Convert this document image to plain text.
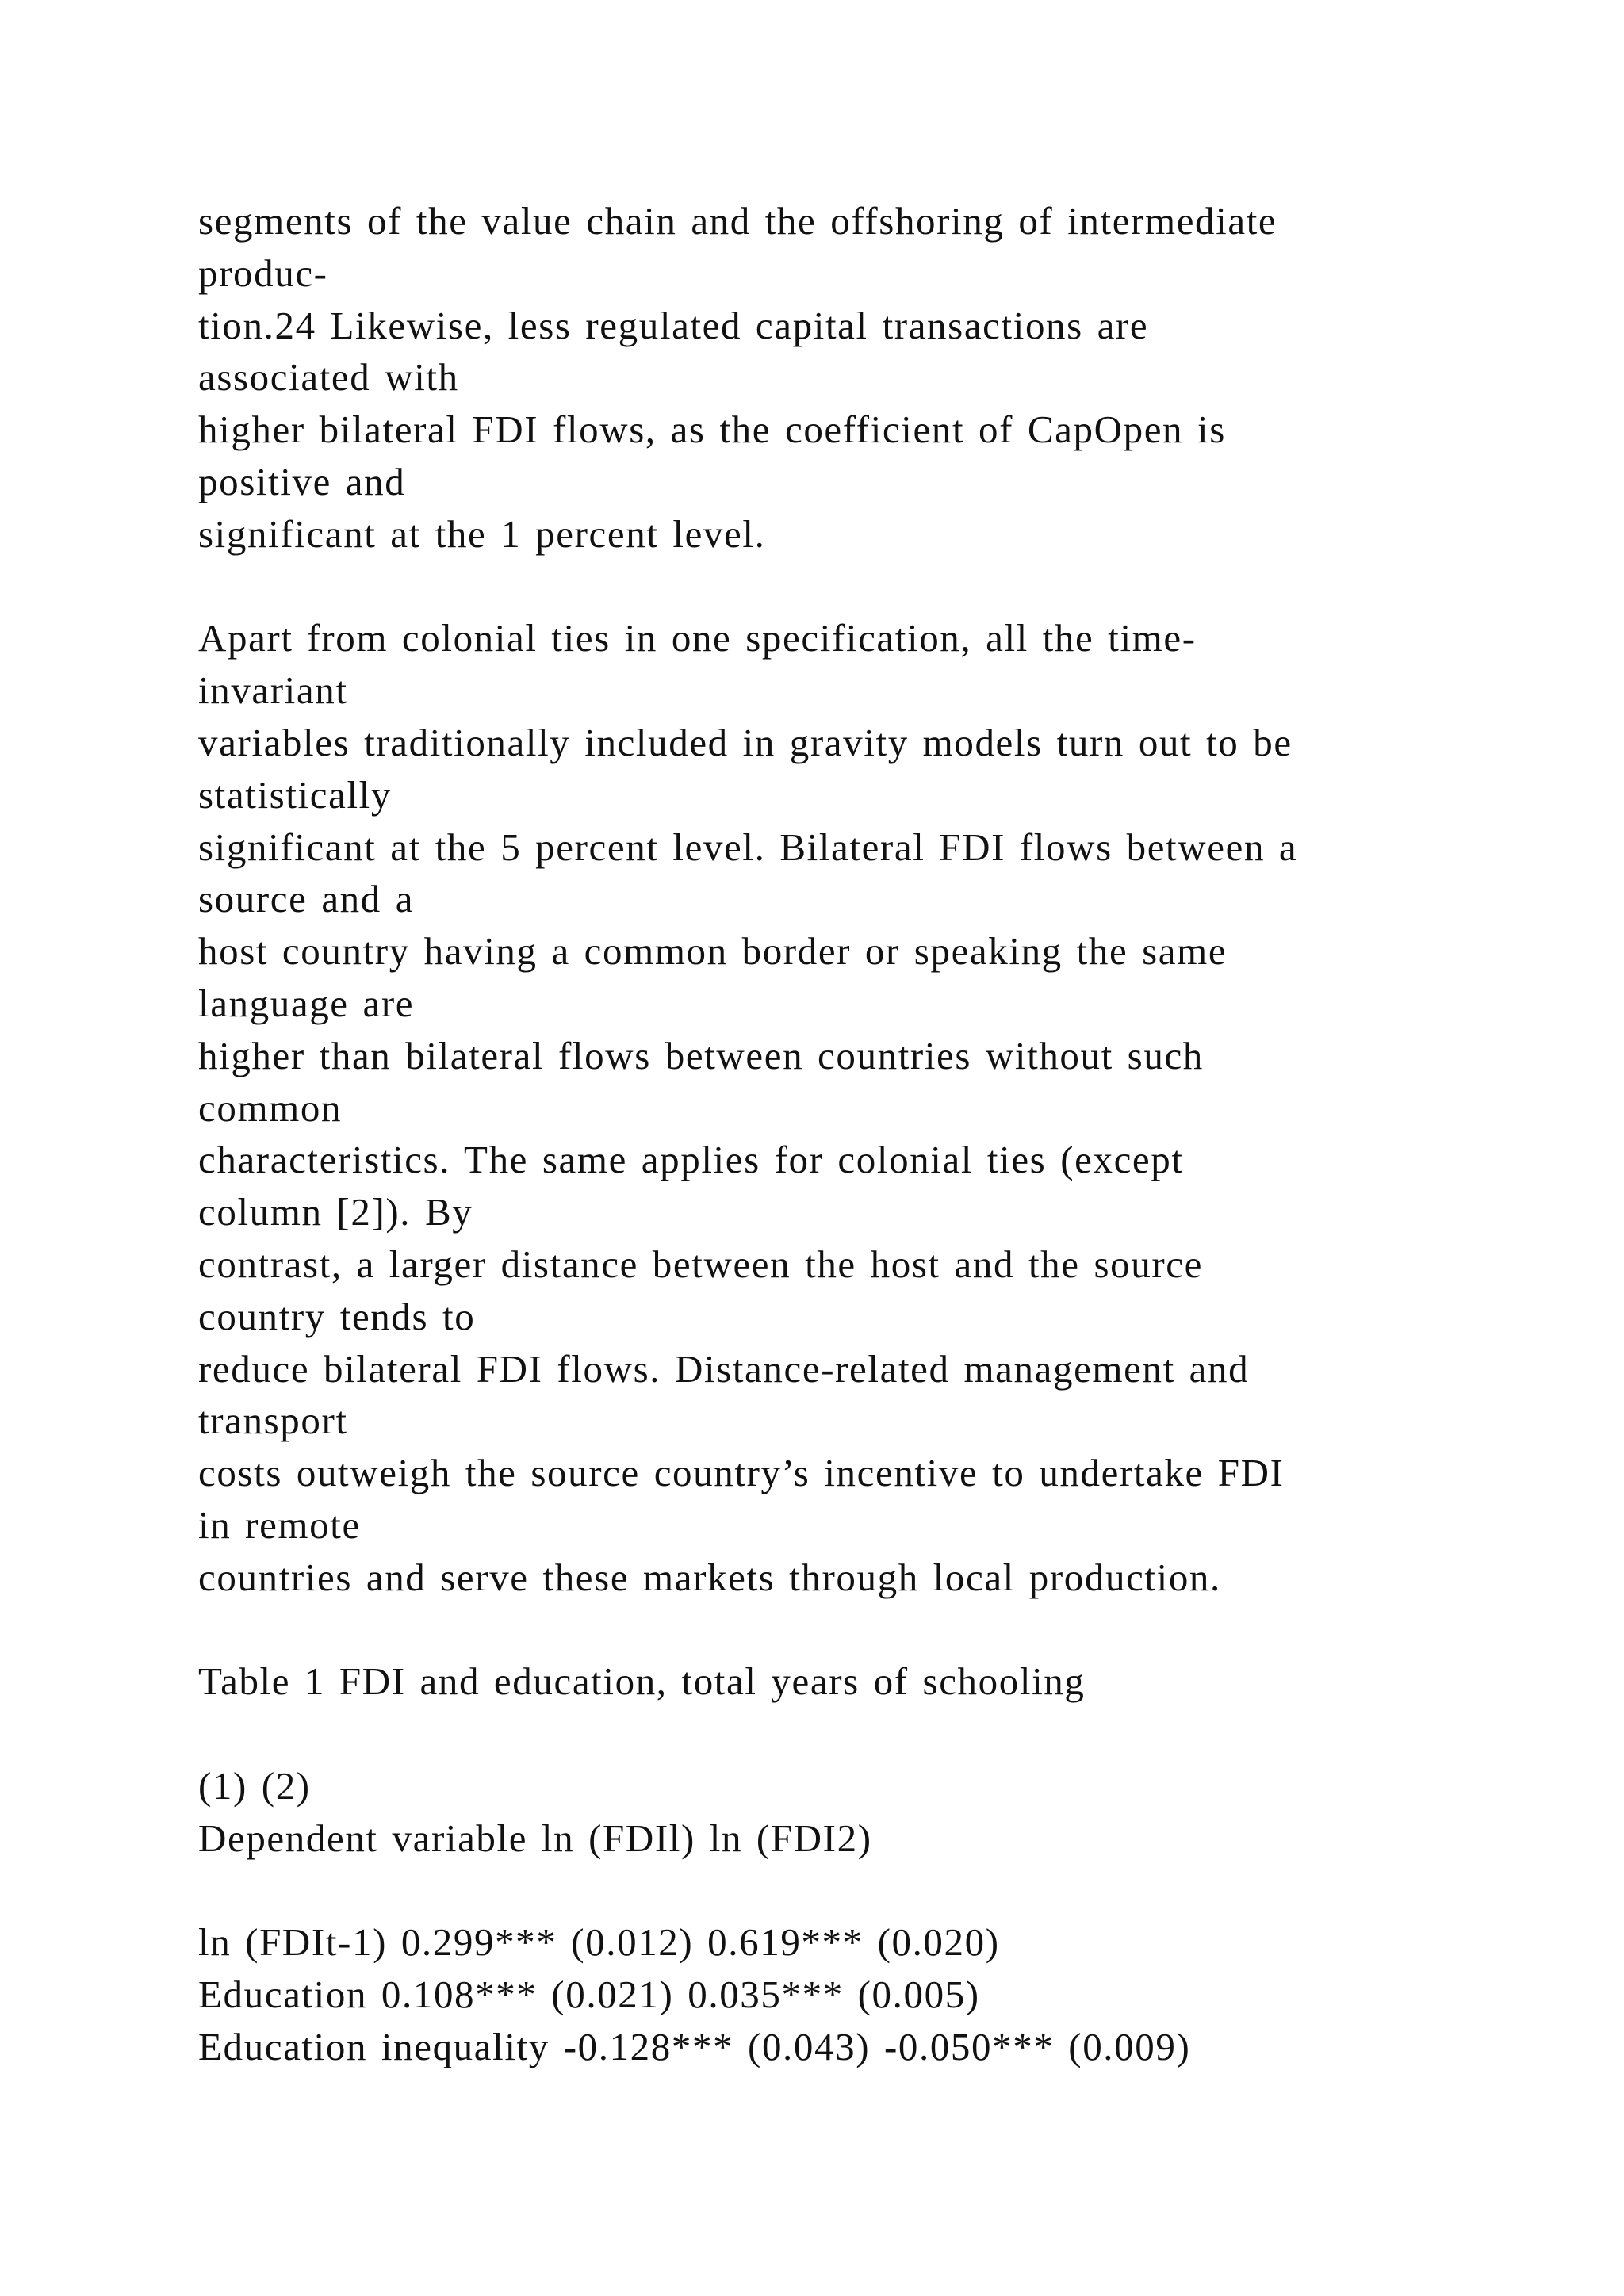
segments of the value chain and the offshoring of intermediate
produc-
tion.24 Likewise, less regulated capital transactions are
associated with
higher bilateral FDI flows, as the coefficient of CapOpen is
positive and
significant at the 1 percent level.
Apart from colonial ties in one specification, all the time-
invariant
variables traditionally included in gravity models turn out to be
statistically
significant at the 5 percent level. Bilateral FDI flows between a
source and a
host country having a common border or speaking the same
language are
higher than bilateral flows between countries without such
common
characteristics. The same applies for colonial ties (except
column [2]). By
contrast, a larger distance between the host and the source
country tends to
reduce bilateral FDI flows. Distance-related management and
transport
costs outweigh the source country’s incentive to undertake FDI
in remote
countries and serve these markets through local production.
Table 1 FDI and education, total years of schooling
(1) (2)
Dependent variable ln (FDIl) ln (FDI2)
ln (FDIt-1) 0.299*** (0.012) 0.619*** (0.020)
Education 0.108*** (0.021) 0.035*** (0.005)
Education inequality -0.128*** (0.043) -0.050*** (0.009)
